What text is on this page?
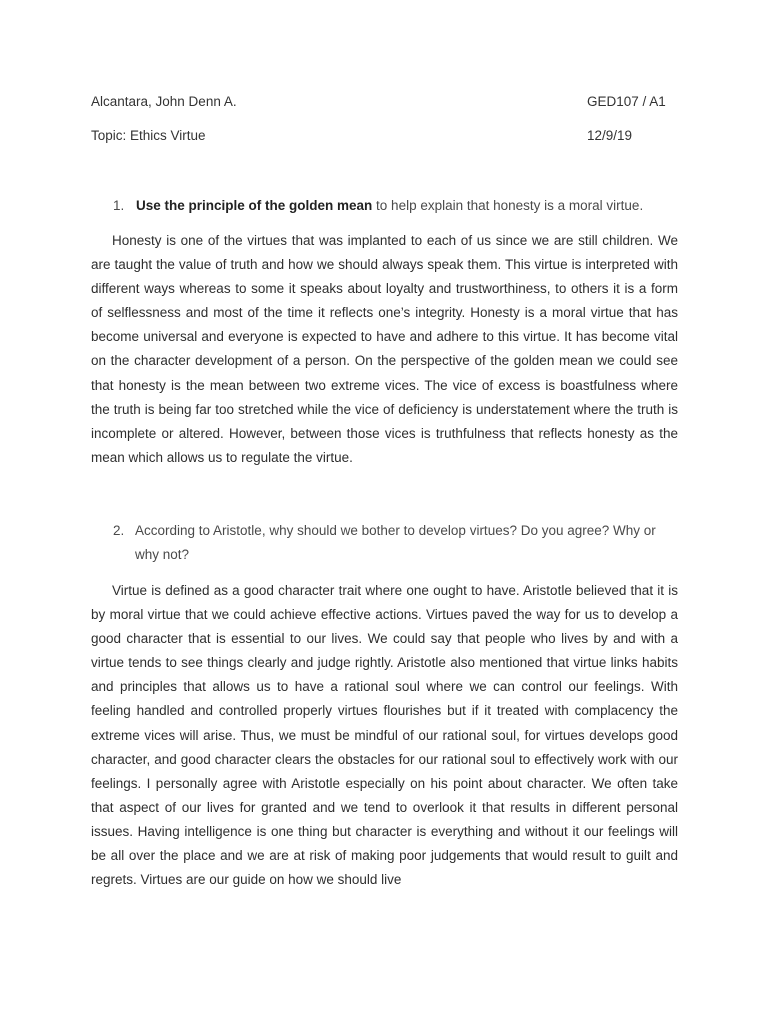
Alcantara, John Denn A.	GED107 / A1
Topic: Ethics Virtue	12/9/19
1. Use the principle of the golden mean to help explain that honesty is a moral virtue.

Honesty is one of the virtues that was implanted to each of us since we are still children. We are taught the value of truth and how we should always speak them. This virtue is interpreted with different ways whereas to some it speaks about loyalty and trustworthiness, to others it is a form of selflessness and most of the time it reflects one’s integrity. Honesty is a moral virtue that has become universal and everyone is expected to have and adhere to this virtue. It has become vital on the character development of a person. On the perspective of the golden mean we could see that honesty is the mean between two extreme vices. The vice of excess is boastfulness where the truth is being far too stretched while the vice of deficiency is understatement where the truth is incomplete or altered. However, between those vices is truthfulness that reflects honesty as the mean which allows us to regulate the virtue.

2. According to Aristotle, why should we bother to develop virtues? Do you agree? Why or why not?

Virtue is defined as a good character trait where one ought to have. Aristotle believed that it is by moral virtue that we could achieve effective actions. Virtues paved the way for us to develop a good character that is essential to our lives. We could say that people who lives by and with a virtue tends to see things clearly and judge rightly. Aristotle also mentioned that virtue links habits and principles that allows us to have a rational soul where we can control our feelings. With feeling handled and controlled properly virtues flourishes but if it treated with complacency the extreme vices will arise. Thus, we must be mindful of our rational soul, for virtues develops good character, and good character clears the obstacles for our rational soul to effectively work with our feelings. I personally agree with Aristotle especially on his point about character. We often take that aspect of our lives for granted and we tend to overlook it that results in different personal issues. Having intelligence is one thing but character is everything and without it our feelings will be all over the place and we are at risk of making poor judgements that would result to guilt and regrets. Virtues are our guide on how we should live
